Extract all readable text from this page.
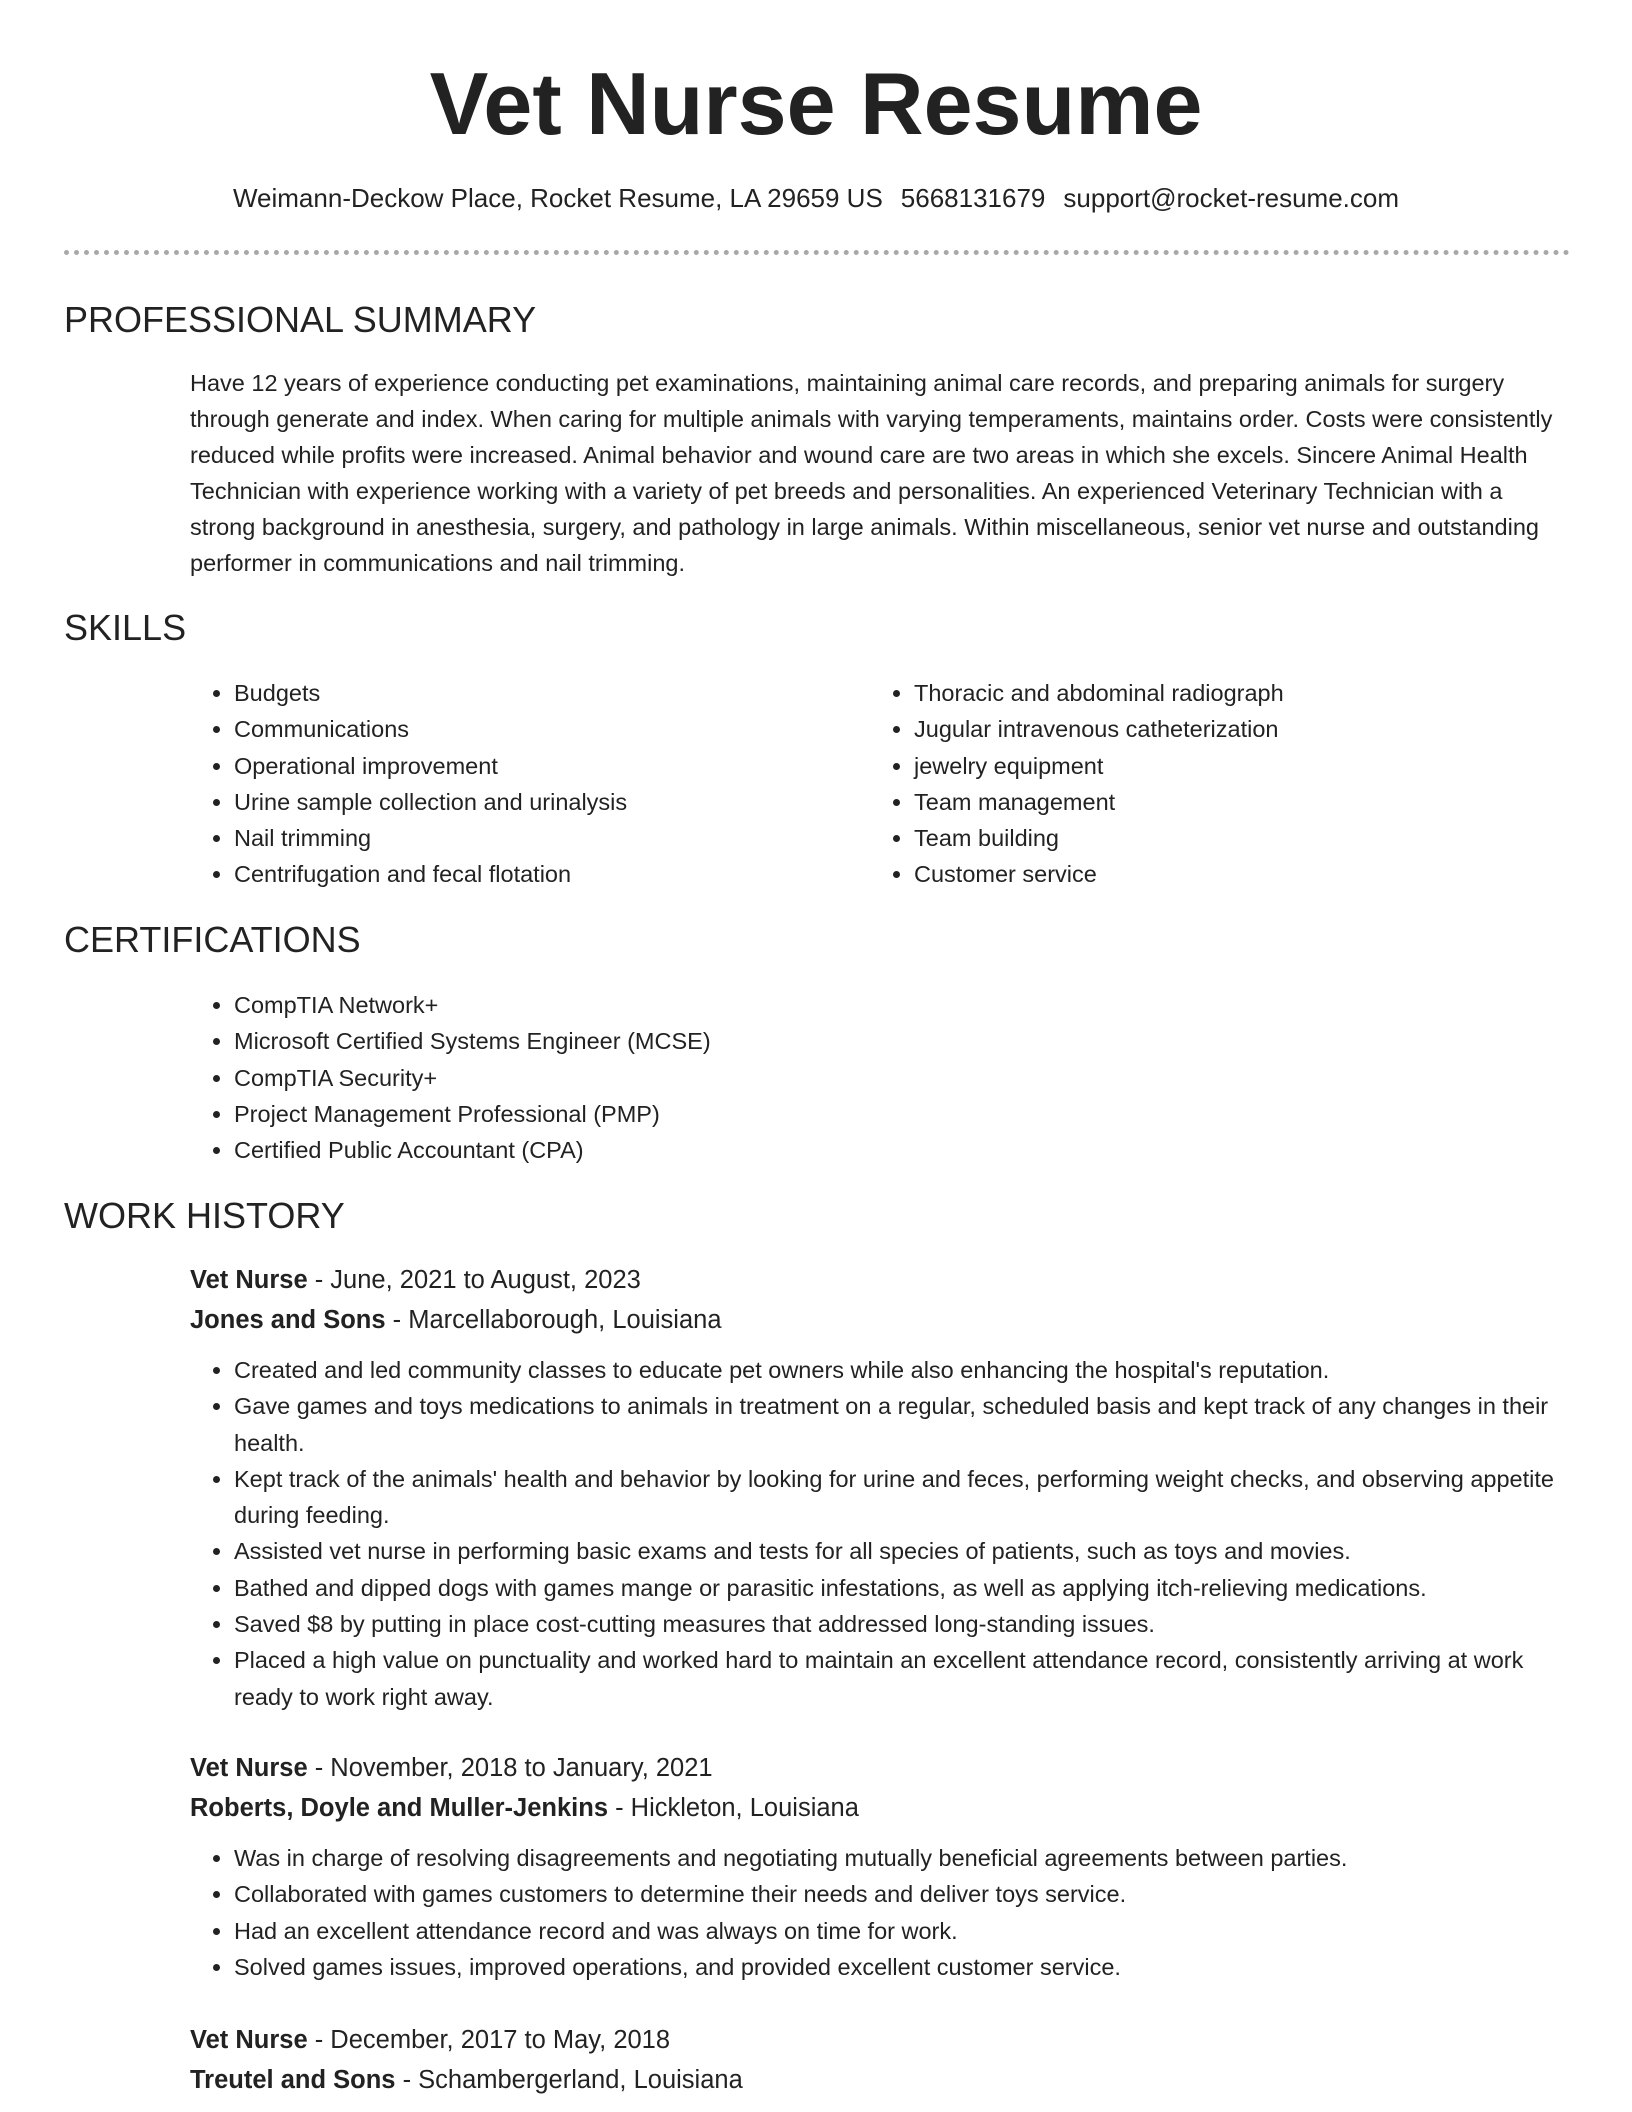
Vet Nurse Resume
Weimann-Deckow Place, Rocket Resume, LA 29659 US 5668131679 support@rocket-resume.com
PROFESSIONAL SUMMARY

Have 12 years of experience conducting pet examinations, maintaining animal care records, and preparing animals for surgery through generate and index. When caring for multiple animals with varying temperaments, maintains order. Costs were consistently reduced while profits were increased. Animal behavior and wound care are two areas in which she excels. Sincere Animal Health Technician with experience working with a variety of pet breeds and personalities. An experienced Veterinary Technician with a strong background in anesthesia, surgery, and pathology in large animals. Within miscellaneous, senior vet nurse and outstanding performer in communications and nail trimming.

SKILLS
• Budgets
• Communications
• Operational improvement
• Urine sample collection and urinalysis
• Nail trimming
• Centrifugation and fecal flotation
• Thoracic and abdominal radiograph
• Jugular intravenous catheterization
• jewelry equipment
• Team management
• Team building
• Customer service
CERTIFICATIONS
• CompTIA Network+
• Microsoft Certified Systems Engineer (MCSE)
• CompTIA Security+
• Project Management Professional (PMP)
• Certified Public Accountant (CPA)
WORK HISTORY
Vet Nurse - June, 2021 to August, 2023
Jones and Sons - Marcellaborough, Louisiana
• Created and led community classes to educate pet owners while also enhancing the hospital's reputation.
• Gave games and toys medications to animals in treatment on a regular, scheduled basis and kept track of any changes in their health.
• Kept track of the animals' health and behavior by looking for urine and feces, performing weight checks, and observing appetite during feeding.
• Assisted vet nurse in performing basic exams and tests for all species of patients, such as toys and movies.
• Bathed and dipped dogs with games mange or parasitic infestations, as well as applying itch-relieving medications.
• Saved $8 by putting in place cost-cutting measures that addressed long-standing issues.
• Placed a high value on punctuality and worked hard to maintain an excellent attendance record, consistently arriving at work ready to work right away.
Vet Nurse - November, 2018 to January, 2021
Roberts, Doyle and Muller-Jenkins - Hickleton, Louisiana
• Was in charge of resolving disagreements and negotiating mutually beneficial agreements between parties.
• Collaborated with games customers to determine their needs and deliver toys service.
• Had an excellent attendance record and was always on time for work.
• Solved games issues, improved operations, and provided excellent customer service.
Vet Nurse - December, 2017 to May, 2018
Treutel and Sons - Schambergerland, Louisiana
